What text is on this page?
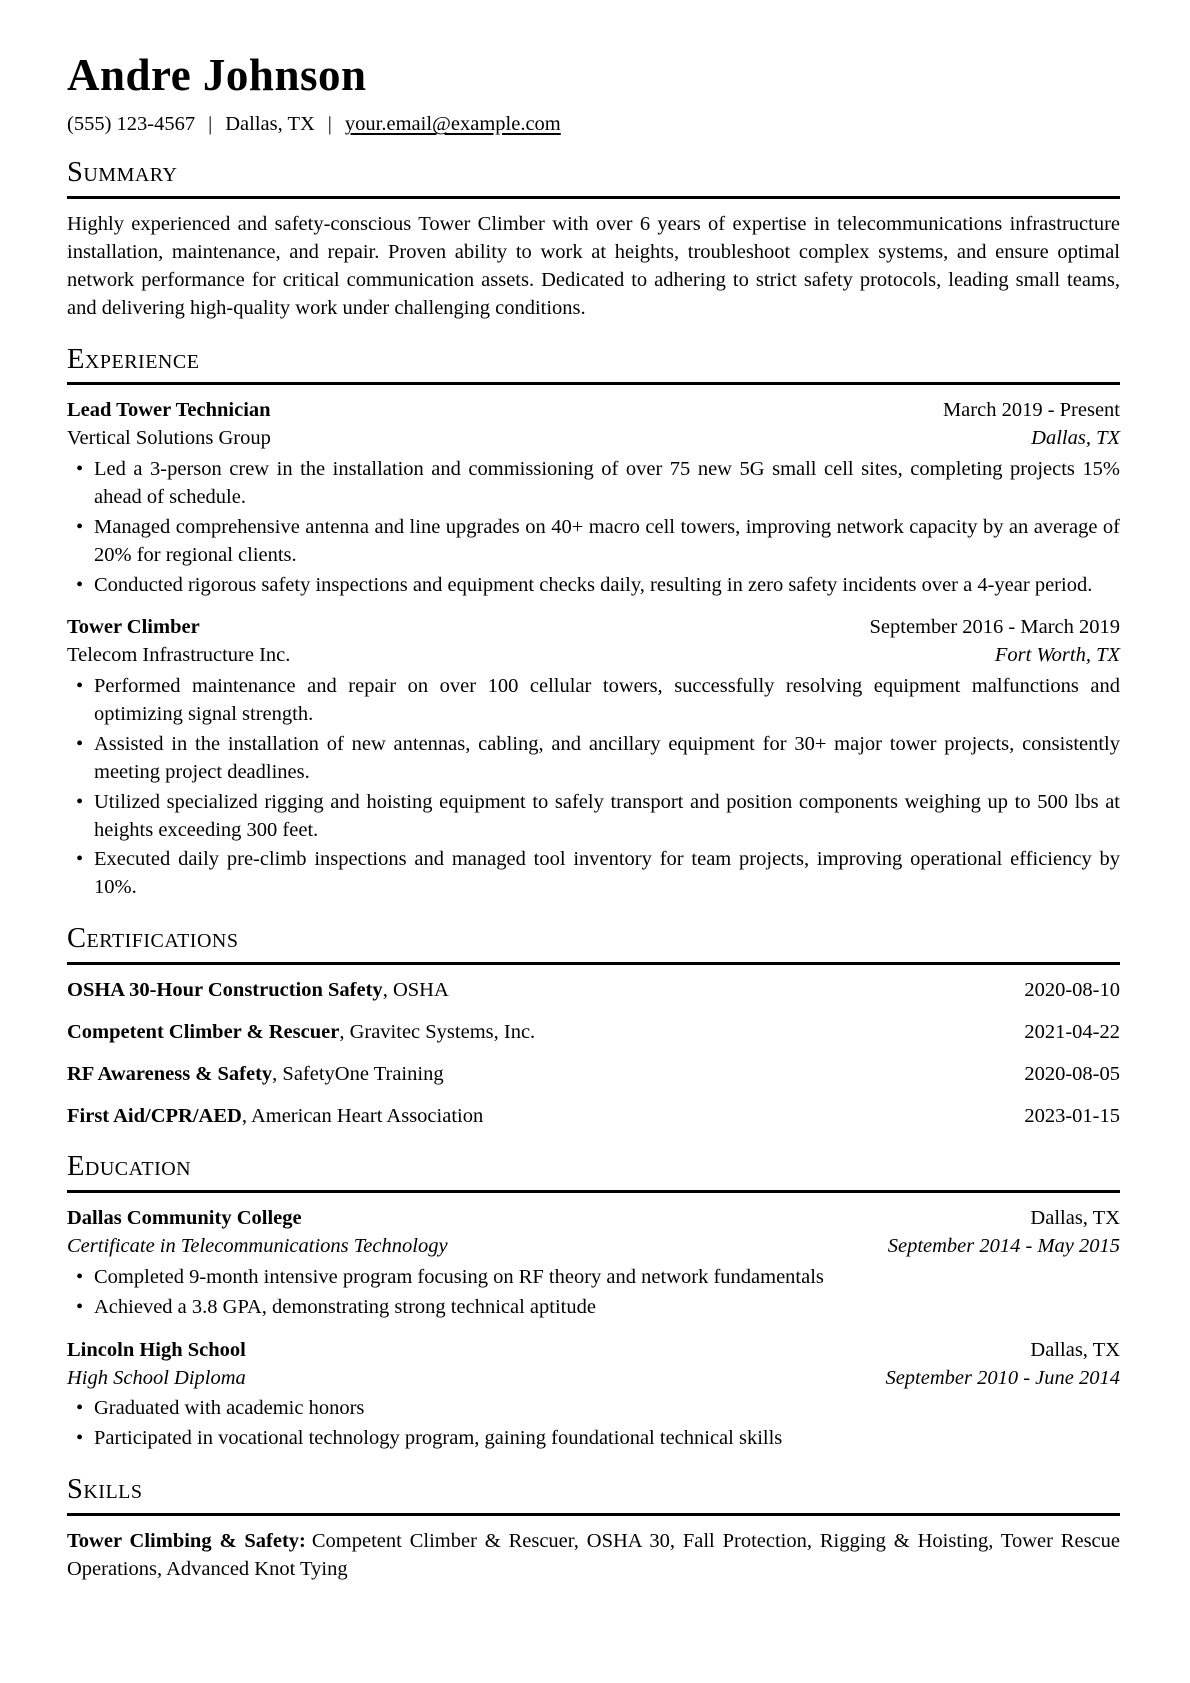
Andre Johnson
(555) 123-4567 | Dallas, TX | your.email@example.com
Summary

Highly experienced and safety-conscious Tower Climber with over 6 years of expertise in telecommunications infrastructure installation, maintenance, and repair. Proven ability to work at heights, troubleshoot complex systems, and ensure optimal network performance for critical communication assets. Dedicated to adhering to strict safety protocols, leading small teams, and delivering high-quality work under challenging conditions.

Experience
Lead Tower Technician	March 2019 - Present
Vertical Solutions Group	Dallas, TX
• Led a 3-person crew in the installation and commissioning of over 75 new 5G small cell sites, completing projects 15% ahead of schedule.
• Managed comprehensive antenna and line upgrades on 40+ macro cell towers, improving network capacity by an average of 20% for regional clients.
• Conducted rigorous safety inspections and equipment checks daily, resulting in zero safety incidents over a 4-year period.
Tower Climber	September 2016 - March 2019
Telecom Infrastructure Inc.	Fort Worth, TX
• Performed maintenance and repair on over 100 cellular towers, successfully resolving equipment malfunctions and optimizing signal strength.
• Assisted in the installation of new antennas, cabling, and ancillary equipment for 30+ major tower projects, consistently meeting project deadlines.
• Utilized specialized rigging and hoisting equipment to safely transport and position components weighing up to 500 lbs at heights exceeding 300 feet.
• Executed daily pre-climb inspections and managed tool inventory for team projects, improving operational efficiency by 10%.
Certifications
OSHA 30-Hour Construction Safety, OSHA	2020-08-10
Competent Climber & Rescuer, Gravitec Systems, Inc.	2021-04-22
RF Awareness & Safety, SafetyOne Training	2020-08-05
First Aid/CPR/AED, American Heart Association	2023-01-15
Education
Dallas Community College	Dallas, TX
Certificate in Telecommunications Technology	September 2014 - May 2015
• Completed 9-month intensive program focusing on RF theory and network fundamentals
• Achieved a 3.8 GPA, demonstrating strong technical aptitude
Lincoln High School	Dallas, TX
High School Diploma	September 2010 - June 2014
• Graduated with academic honors
• Participated in vocational technology program, gaining foundational technical skills
Skills

Tower Climbing & Safety: Competent Climber & Rescuer, OSHA 30, Fall Protection, Rigging & Hoisting, Tower Rescue Operations, Advanced Knot Tying
